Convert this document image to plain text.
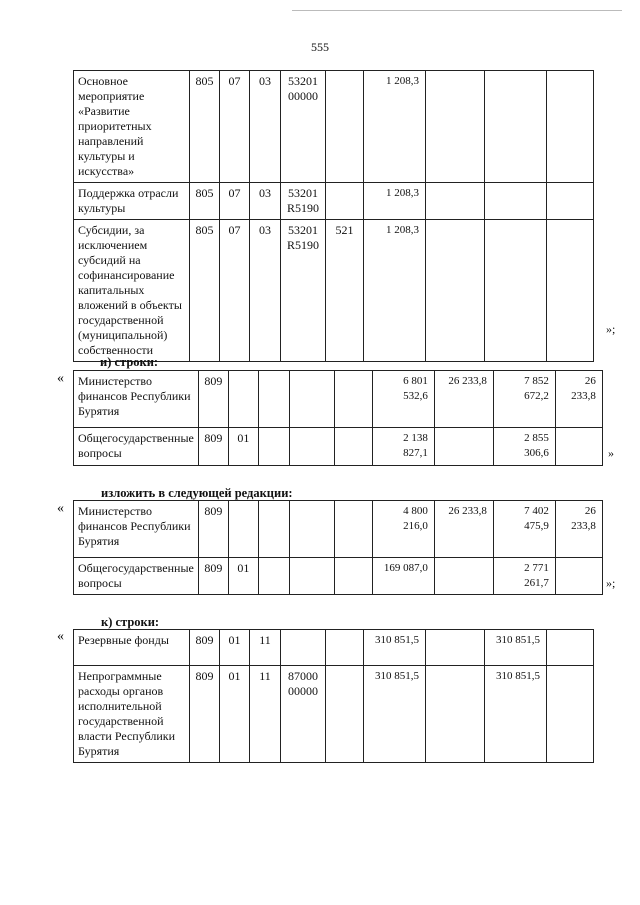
555
Основное мероприятие «Развитие приоритетных направлений культуры и искусства»	805	07	03	53201 00000		1 208,3			
Поддержка отрасли культуры	805	07	03	53201 R5190		1 208,3			
Субсидии, за исключением субсидий на софинансирование капитальных вложений в объекты государственной (муниципальной) собственности	805	07	03	53201 R5190	521	1 208,3			
»;
и) строки:
« Министерство финансов Республики Бурятия	809					6 801 532,6	26 233,8	7 852 672,2	26 233,8
Общегосударственные вопросы	809	01				2 138 827,1		2 855 306,6		»
изложить в следующей редакции:
« Министерство финансов Республики Бурятия	809					4 800 216,0	26 233,8	7 402 475,9	26 233,8
Общегосударственные вопросы	809	01				169 087,0		2 771 261,7		»;
к) строки:
« Резервные фонды	809	01	11			310 851,5		310 851,5	
Непрограммные расходы органов исполнительной государственной власти Республики Бурятия	809	01	11	87000 00000		310 851,5		310 851,5	
